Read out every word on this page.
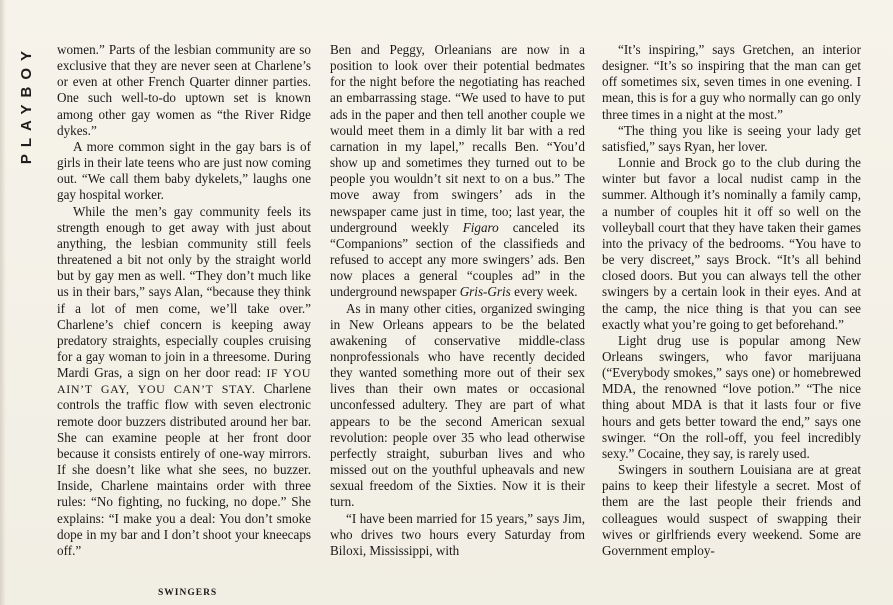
PLAYBOY women.” Parts of the lesbian community are so exclusive that they are never seen at Charlene’s or even at other French Quarter dinner parties. One such well-to-do uptown set is known among other gay women as “the River Ridge dykes.”

A more common sight in the gay bars is of girls in their late teens who are just now coming out. “We call them baby dykelets,” laughs one gay hospital worker.

While the men’s gay community feels its strength enough to get away with just about anything, the lesbian community still feels threatened a bit not only by the straight world but by gay men as well. “They don’t much like us in their bars,” says Alan, “because they think if a lot of men come, we’ll take over.” Charlene’s chief concern is keeping away predatory straights, especially couples cruising for a gay woman to join in a threesome. During Mardi Gras, a sign on her door read: IF YOU AIN’T GAY, YOU CAN’T STAY. Charlene controls the traffic flow with seven electronic remote door buzzers distributed around her bar. She can examine people at her front door because it consists entirely of one-way mirrors. If she doesn’t like what she sees, no buzzer. Inside, Charlene maintains order with three rules: “No fighting, no fucking, no dope.” She explains: “I make you a deal: You don’t smoke dope in my bar and I don’t shoot your kneecaps off.”

Ben and Peggy, Orleanians are now in a position to look over their potential bedmates for the night before the negotiating has reached an embarrassing stage. “We used to have to put ads in the paper and then tell another couple we would meet them in a dimly lit bar with a red carnation in my lapel,” recalls Ben. “You’d show up and sometimes they turned out to be people you wouldn’t sit next to on a bus.” The move away from swingers’ ads in the newspaper came just in time, too; last year, the underground weekly Figaro canceled its “Companions” section of the classifieds and refused to accept any more swingers’ ads. Ben now places a general “couples ad” in the underground newspaper Gris-Gris every week.

As in many other cities, organized swinging in New Orleans appears to be the belated awakening of conservative middle-class nonprofessionals who have recently decided they wanted something more out of their sex lives than their own mates or occasional unconfessed adultery. They are part of what appears to be the second American sexual revolution: people over 35 who lead otherwise perfectly straight, suburban lives and who missed out on the youthful upheavals and new sexual freedom of the Sixties. Now it is their turn.

“I have been married for 15 years,” says Jim, who drives two hours every Saturday from Biloxi, Mississippi, with

“It’s inspiring,” says Gretchen, an interior designer. “It’s so inspiring that the man can get off sometimes six, seven times in one evening. I mean, this is for a guy who normally can go only three times in a night at the most.”

“The thing you like is seeing your lady get satisfied,” says Ryan, her lover.

Lonnie and Brock go to the club during the winter but favor a local nudist camp in the summer. Although it’s nominally a family camp, a number of couples hit it off so well on the volleyball court that they have taken their games into the privacy of the bedrooms. “You have to be very discreet,” says Brock. “It’s all behind closed doors. But you can always tell the other swingers by a certain look in their eyes. And at the camp, the nice thing is that you can see exactly what you’re going to get beforehand.”

Light drug use is popular among New Orleans swingers, who favor marijuana (“Everybody smokes,” says one) or homebrewed MDA, the renowned “love potion.” “The nice thing about MDA is that it lasts four or five hours and gets better toward the end,” says one swinger. “On the roll-off, you feel incredibly sexy.” Cocaine, they say, is rarely used.

Swingers in southern Louisiana are at great pains to keep their lifestyle a secret. Most of them are the last people their friends and colleagues would suspect of swapping their wives or girlfriends every weekend. Some are Government employ-

SWINGERS
